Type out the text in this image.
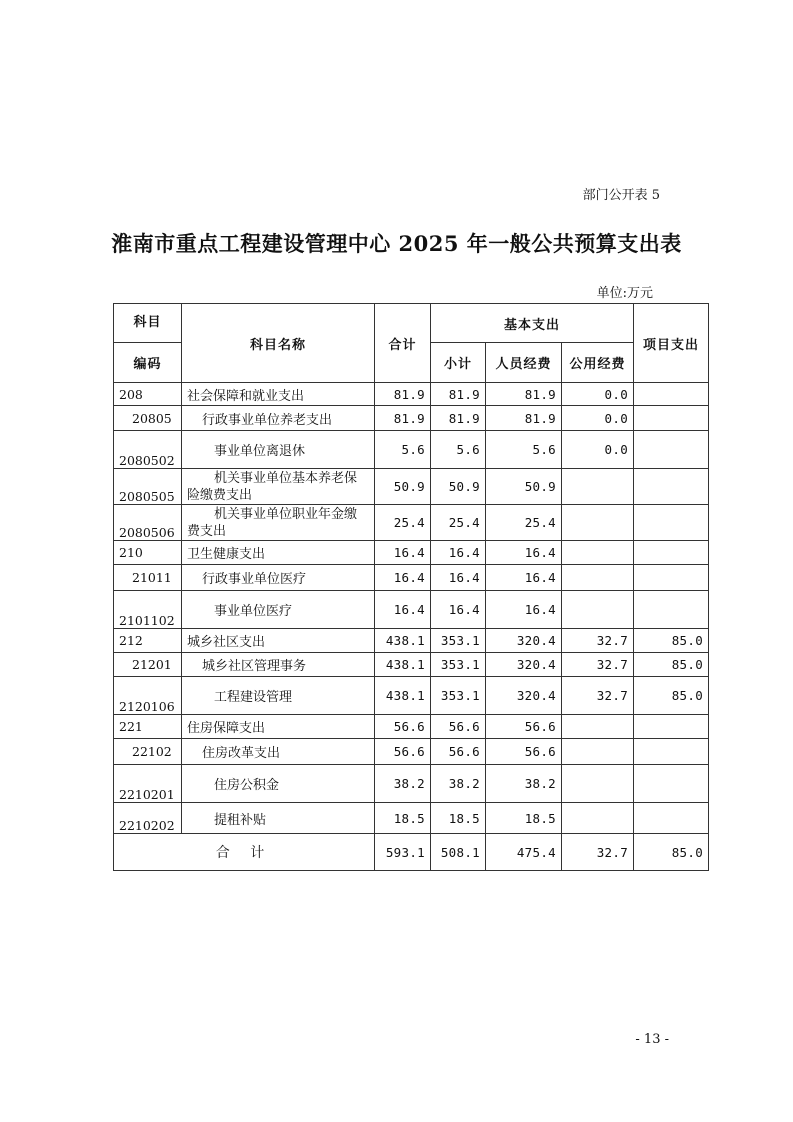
部门公开表 5
淮南市重点工程建设管理中心 2025 年一般公共预算支出表
单位:万元
科目	科目名称	合计	基本支出			项目支出
编码			小计	人员经费	公用经费	
208	社会保障和就业支出	81.9	81.9	81.9	0.0	
20805	行政事业单位养老支出	81.9	81.9	81.9	0.0	
2080502	事业单位离退休	5.6	5.6	5.6	0.0	
2080505	机关事业单位基本养老保
险缴费支出	50.9	50.9	50.9		
2080506	机关事业单位职业年金缴
费支出	25.4	25.4	25.4		
210	卫生健康支出	16.4	16.4	16.4		
21011	行政事业单位医疗	16.4	16.4	16.4		
2101102	事业单位医疗	16.4	16.4	16.4		
212	城乡社区支出	438.1	353.1	320.4	32.7	85.0
21201	城乡社区管理事务	438.1	353.1	320.4	32.7	85.0
2120106	工程建设管理	438.1	353.1	320.4	32.7	85.0
221	住房保障支出	56.6	56.6	56.6		
22102	住房改革支出	56.6	56.6	56.6		
2210201	住房公积金	38.2	38.2	38.2		
2210202	提租补贴	18.5	18.5	18.5		
合 计		593.1	508.1	475.4	32.7	85.0
- 13 -
